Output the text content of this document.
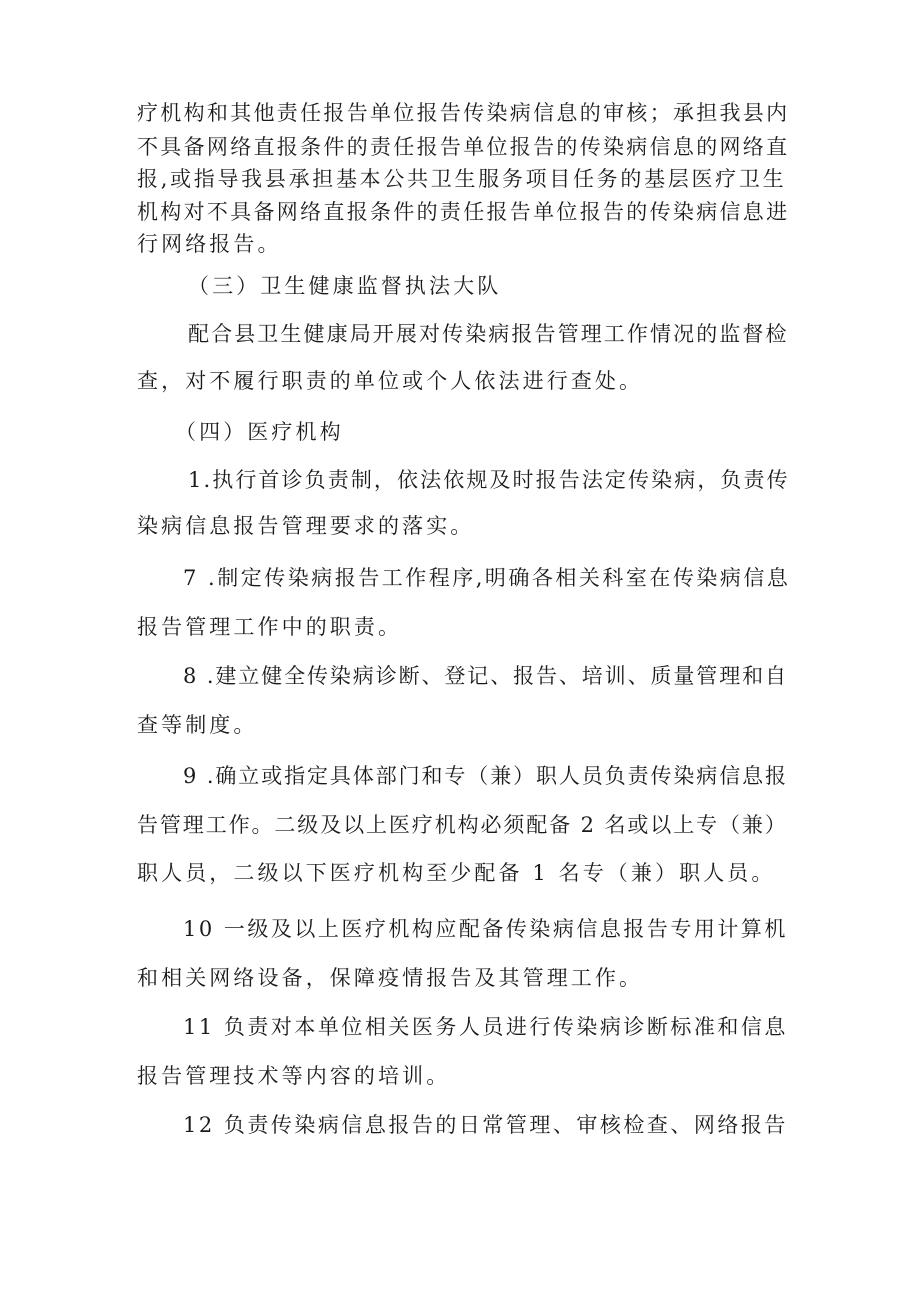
疗机构和其他责任报告单位报告传染病信息的审核；承担我县内
不具备网络直报条件的责任报告单位报告的传染病信息的网络直
报,或指导我县承担基本公共卫生服务项目任务的基层医疗卫生
机构对不具备网络直报条件的责任报告单位报告的传染病信息进
行网络报告。
（三）卫生健康监督执法大队
配合县卫生健康局开展对传染病报告管理工作情况的监督检
查，对不履行职责的单位或个人依法进行查处。
（四）医疗机构
1.执行首诊负责制，依法依规及时报告法定传染病，负责传
染病信息报告管理要求的落实。
7 .制定传染病报告工作程序,明确各相关科室在传染病信息
报告管理工作中的职责。
8 .建立健全传染病诊断、登记、报告、培训、质量管理和自
查等制度。
9 .确立或指定具体部门和专（兼）职人员负责传染病信息报
告管理工作。二级及以上医疗机构必须配备 2 名或以上专（兼）
职人员，二级以下医疗机构至少配备 1 名专（兼）职人员。
10 一级及以上医疗机构应配备传染病信息报告专用计算机
和相关网络设备，保障疫情报告及其管理工作。
11 负责对本单位相关医务人员进行传染病诊断标准和信息
报告管理技术等内容的培训。
12 负责传染病信息报告的日常管理、审核检查、网络报告
